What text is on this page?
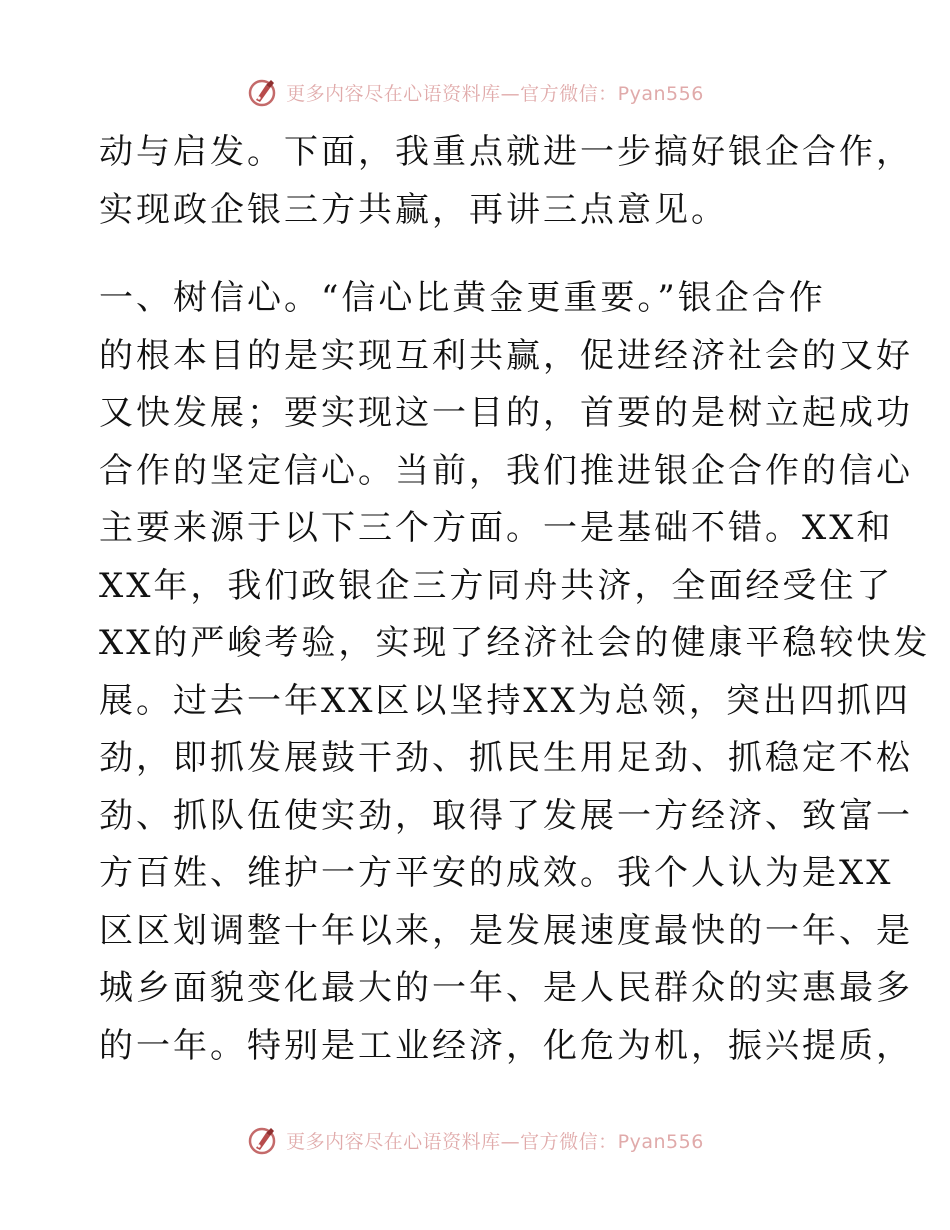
更多内容尽在心语资料库—官方微信：Pyan556
动与启发。下面，我重点就进一步搞好银企合作，
实现政企银三方共赢，再讲三点意见。
一、树信心。“信心比黄金更重要。”银企合作
的根本目的是实现互利共赢，促进经济社会的又好
又快发展；要实现这一目的，首要的是树立起成功
合作的坚定信心。当前，我们推进银企合作的信心
主要来源于以下三个方面。一是基础不错。XX和
XX年，我们政银企三方同舟共济，全面经受住了
XX的严峻考验，实现了经济社会的健康平稳较快发
展。过去一年XX区以坚持XX为总领，突出四抓四
劲，即抓发展鼓干劲、抓民生用足劲、抓稳定不松
劲、抓队伍使实劲，取得了发展一方经济、致富一
方百姓、维护一方平安的成效。我个人认为是XX
区区划调整十年以来，是发展速度最快的一年、是
城乡面貌变化最大的一年、是人民群众的实惠最多
的一年。特别是工业经济，化危为机，振兴提质，
更多内容尽在心语资料库—官方微信：Pyan556
